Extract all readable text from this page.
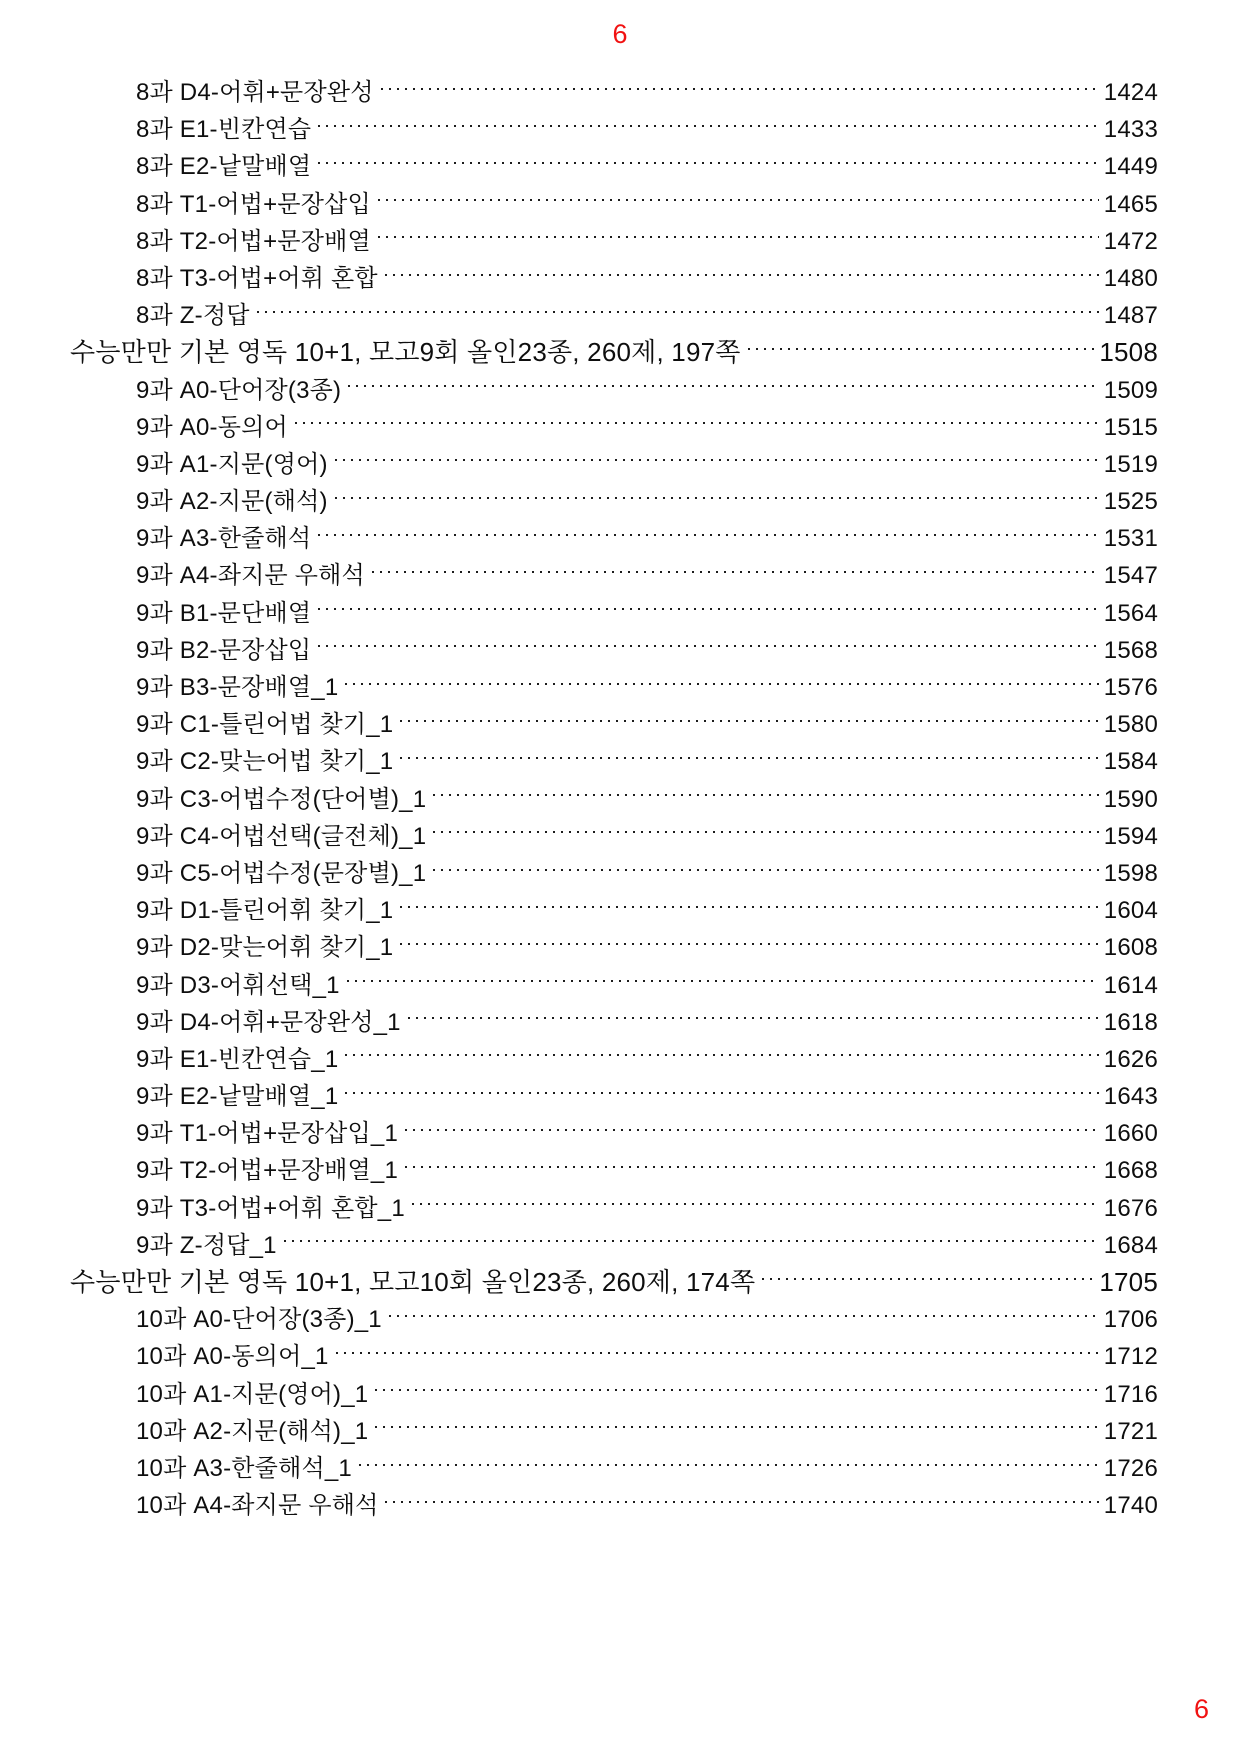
6
8과 D4-어휘+문장완성	1424
8과 E1-빈칸연습	1433
8과 E2-낱말배열	1449
8과 T1-어법+문장삽입	1465
8과 T2-어법+문장배열	1472
8과 T3-어법+어휘 혼합	1480
8과 Z-정답	1487
수능만만 기본 영독 10+1, 모고9회 올인23종, 260제, 197쪽	1508
9과 A0-단어장(3종)	1509
9과 A0-동의어	1515
9과 A1-지문(영어)	1519
9과 A2-지문(해석)	1525
9과 A3-한줄해석	1531
9과 A4-좌지문 우해석	1547
9과 B1-문단배열	1564
9과 B2-문장삽입	1568
9과 B3-문장배열_1	1576
9과 C1-틀린어법 찾기_1	1580
9과 C2-맞는어법 찾기_1	1584
9과 C3-어법수정(단어별)_1	1590
9과 C4-어법선택(글전체)_1	1594
9과 C5-어법수정(문장별)_1	1598
9과 D1-틀린어휘 찾기_1	1604
9과 D2-맞는어휘 찾기_1	1608
9과 D3-어휘선택_1	1614
9과 D4-어휘+문장완성_1	1618
9과 E1-빈칸연습_1	1626
9과 E2-낱말배열_1	1643
9과 T1-어법+문장삽입_1	1660
9과 T2-어법+문장배열_1	1668
9과 T3-어법+어휘 혼합_1	1676
9과 Z-정답_1	1684
수능만만 기본 영독 10+1, 모고10회 올인23종, 260제, 174쪽	1705
10과 A0-단어장(3종)_1	1706
10과 A0-동의어_1	1712
10과 A1-지문(영어)_1	1716
10과 A2-지문(해석)_1	1721
10과 A3-한줄해석_1	1726
10과 A4-좌지문 우해석	1740
6
